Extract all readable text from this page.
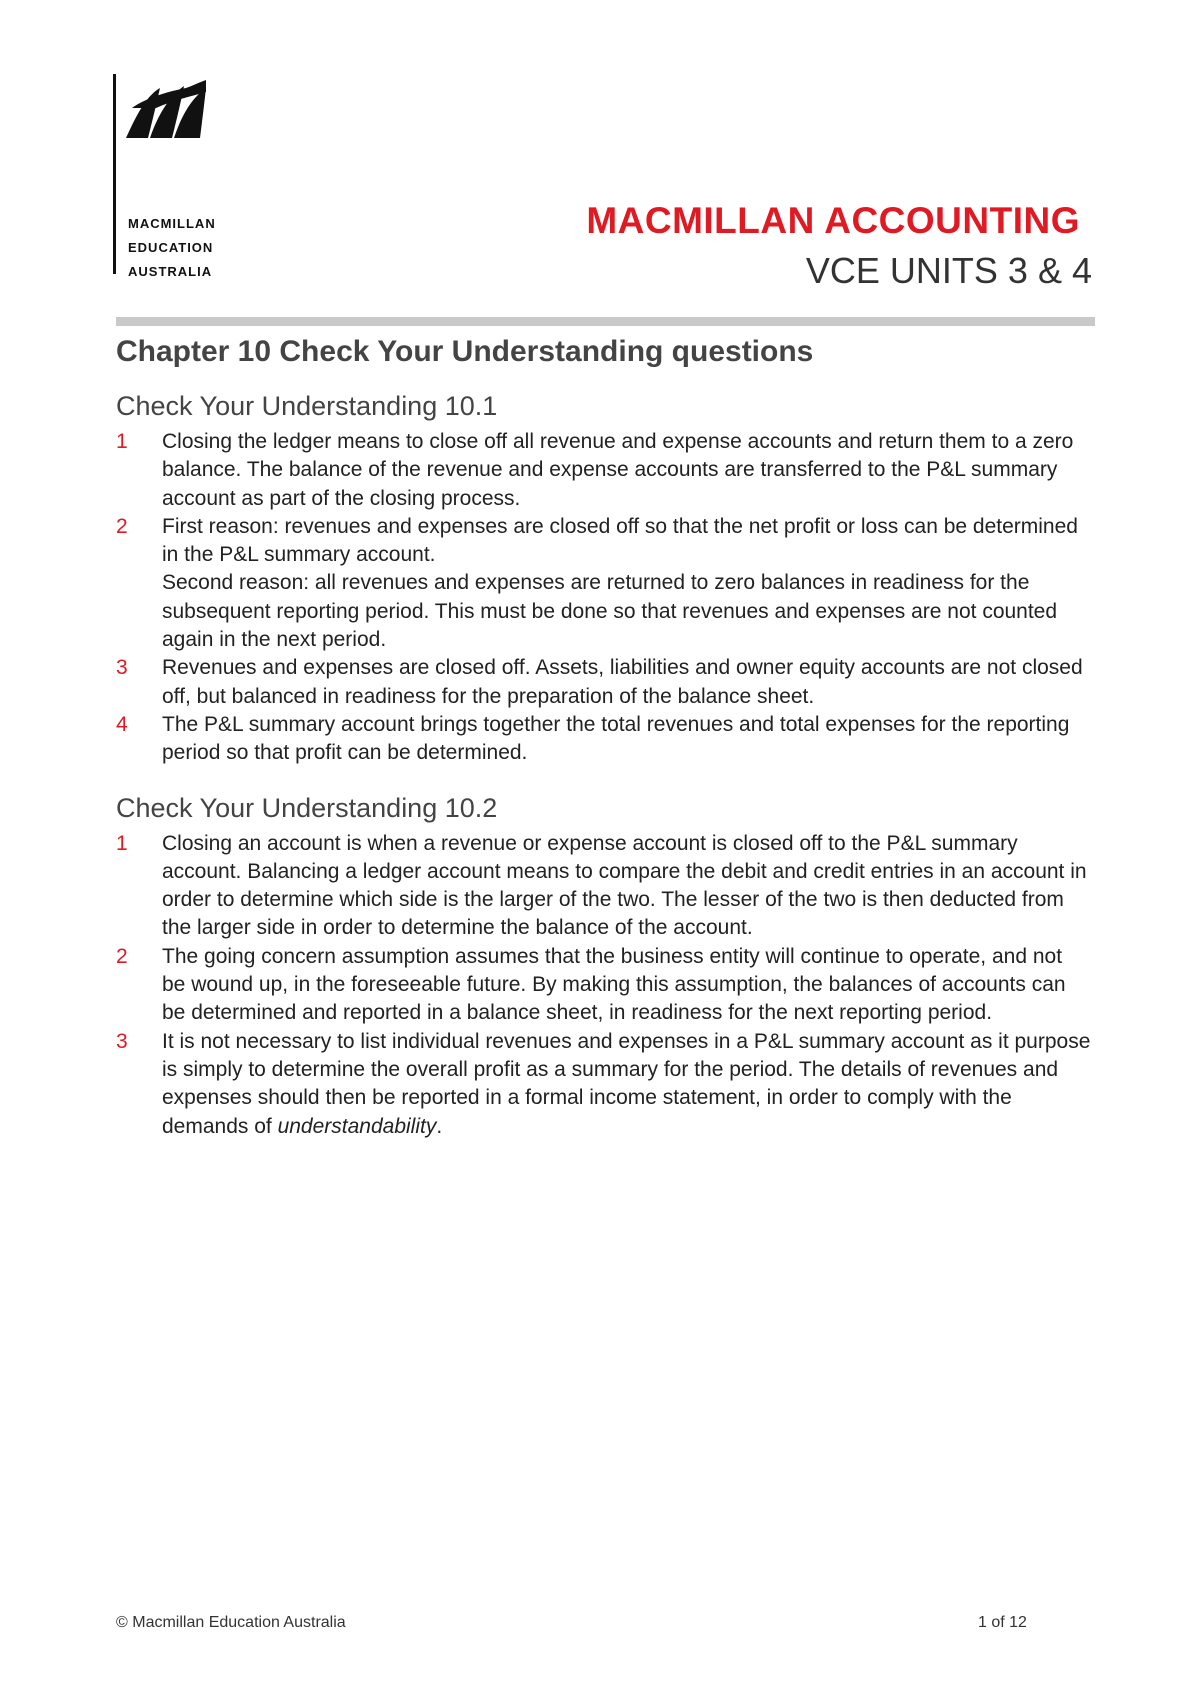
MACMILLAN
EDUCATION
AUSTRALIA
MACMILLAN ACCOUNTING
VCE UNITS 3 & 4
Chapter 10 Check Your Understanding questions
Check Your Understanding 10.1
1 Closing the ledger means to close off all revenue and expense accounts and return them to a zero balance. The balance of the revenue and expense accounts are transferred to the P&L summary account as part of the closing process.
2 First reason: revenues and expenses are closed off so that the net profit or loss can be determined in the P&L summary account.
Second reason: all revenues and expenses are returned to zero balances in readiness for the subsequent reporting period. This must be done so that revenues and expenses are not counted again in the next period.
3 Revenues and expenses are closed off. Assets, liabilities and owner equity accounts are not closed off, but balanced in readiness for the preparation of the balance sheet.
4 The P&L summary account brings together the total revenues and total expenses for the reporting period so that profit can be determined.
Check Your Understanding 10.2
1 Closing an account is when a revenue or expense account is closed off to the P&L summary account. Balancing a ledger account means to compare the debit and credit entries in an account in order to determine which side is the larger of the two. The lesser of the two is then deducted from the larger side in order to determine the balance of the account.
2 The going concern assumption assumes that the business entity will continue to operate, and not be wound up, in the foreseeable future. By making this assumption, the balances of accounts can be determined and reported in a balance sheet, in readiness for the next reporting period.
3 It is not necessary to list individual revenues and expenses in a P&L summary account as it purpose is simply to determine the overall profit as a summary for the period. The details of revenues and expenses should then be reported in a formal income statement, in order to comply with the demands of understandability.
© Macmillan Education Australia	1 of 12
